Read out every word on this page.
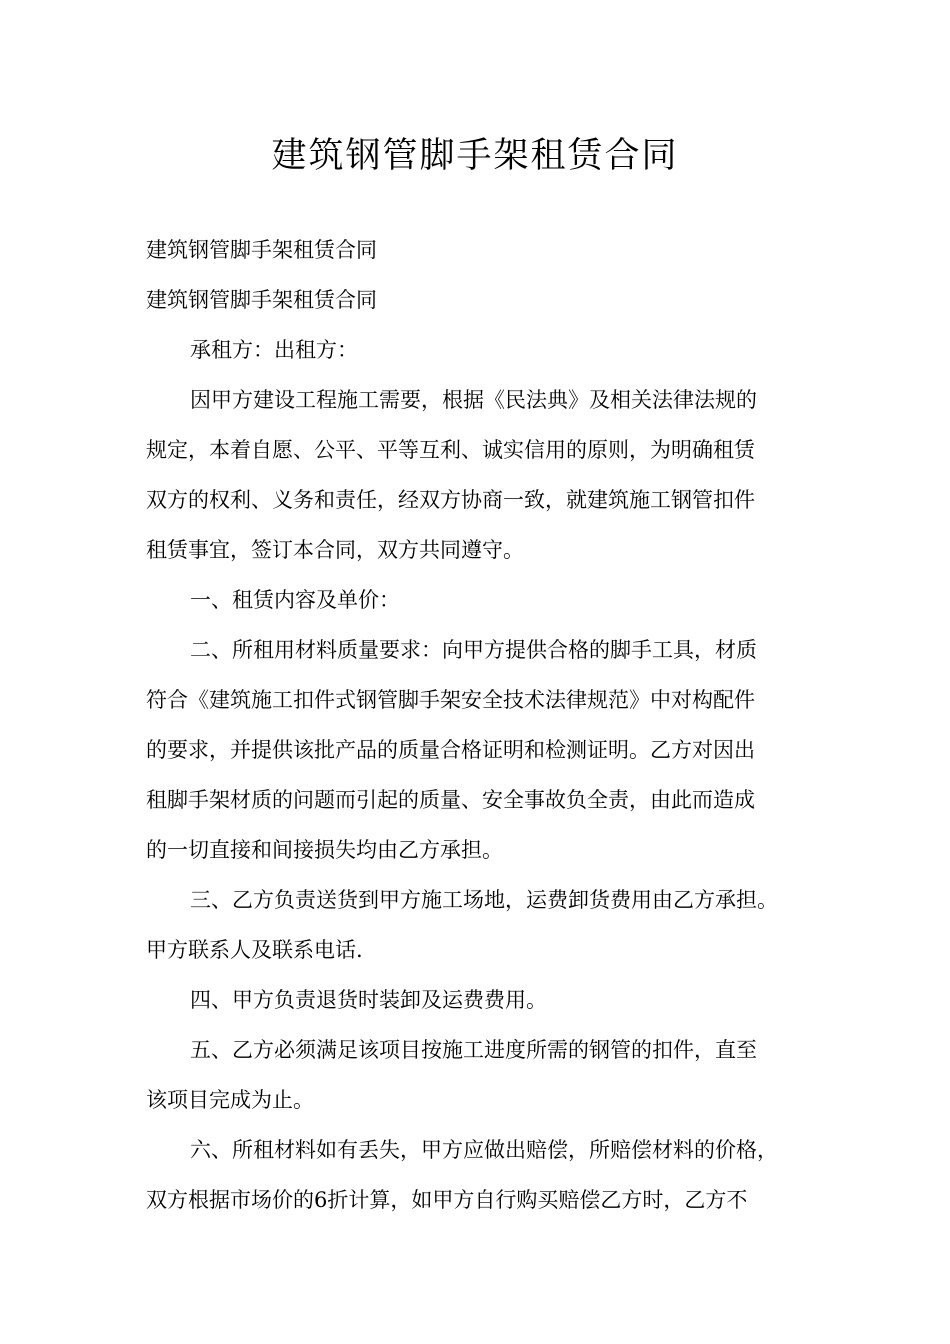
建筑钢管脚手架租赁合同
建筑钢管脚手架租赁合同
建筑钢管脚手架租赁合同
承租方：出租方：
因甲方建设工程施工需要，根据《民法典》及相关法律法规的
规定，本着自愿、公平、平等互利、诚实信用的原则，为明确租赁
双方的权利、义务和责任，经双方协商一致，就建筑施工钢管扣件
租赁事宜，签订本合同，双方共同遵守。
一、租赁内容及单价：
二、所租用材料质量要求：向甲方提供合格的脚手工具，材质
符合《建筑施工扣件式钢管脚手架安全技术法律规范》中对构配件
的要求，并提供该批产品的质量合格证明和检测证明。乙方对因出
租脚手架材质的问题而引起的质量、安全事故负全责，由此而造成
的一切直接和间接损失均由乙方承担。
三、乙方负责送货到甲方施工场地，运费卸货费用由乙方承担。
甲方联系人及联系电话.
四、甲方负责退货时装卸及运费费用。
五、乙方必须满足该项目按施工进度所需的钢管的扣件，直至
该项目完成为止。
六、所租材料如有丢失，甲方应做出赔偿，所赔偿材料的价格，
双方根据市场价的6折计算，如甲方自行购买赔偿乙方时，乙方不
